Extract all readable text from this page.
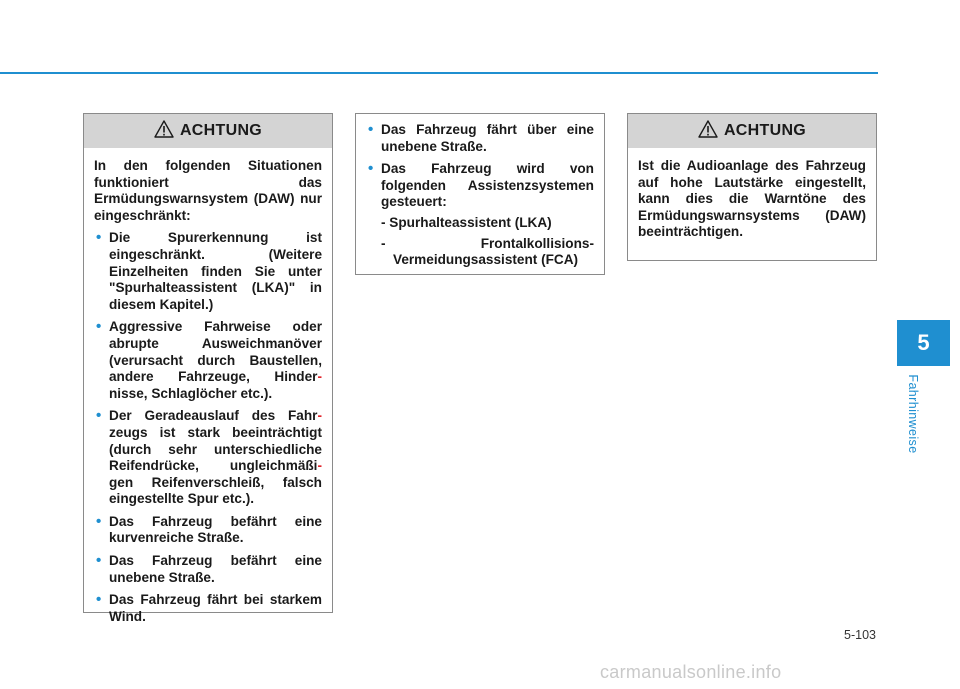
ACHTUNG

In den folgenden Situationen funktioniert das Ermüdungswarnsystem (DAW) nur eingeschränkt:

• Die Spurerkennung ist eingeschränkt. (Weitere Einzelheiten finden Sie unter "Spurhalteassistent (LKA)" in diesem Kapitel.)
• Aggressive Fahrweise oder abrupte Ausweichmanöver (verursacht durch Baustellen, andere Fahrzeuge, Hinder- nisse, Schlaglöcher etc.).
• Der Geradeauslauf des Fahr- zeugs ist stark beeinträchtigt (durch sehr unterschiedliche Reifendrücke, ungleichmäßi- gen Reifenverschleiß, falsch eingestellte Spur etc.).
• Das Fahrzeug befährt eine kurvenreiche Straße.
• Das Fahrzeug befährt eine unebene Straße.
• Das Fahrzeug fährt bei starkem Wind.
• Das Fahrzeug fährt über eine unebene Straße.
• Das Fahrzeug wird von folgenden Assistenzsystemen gesteuert:
- Spurhalteassistent (LKA)
- Frontalkollisions-Vermeidungsassistent (FCA)
ACHTUNG

Ist die Audioanlage des Fahrzeug auf hohe Lautstärke eingestellt, kann dies die Warntöne des Ermüdungswarnsystems (DAW) beeinträchtigen.

5
Fahrhinweise
5-103
carmanualsonline.info
